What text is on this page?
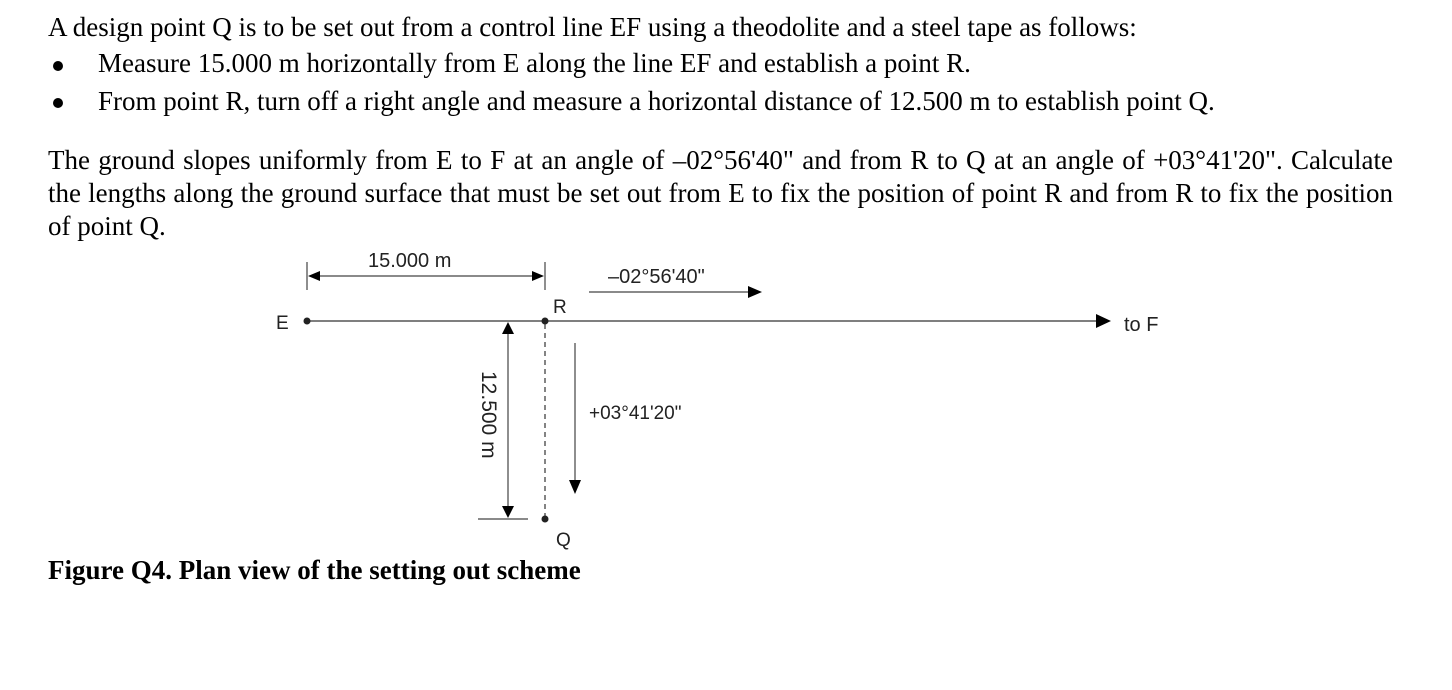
A design point Q is to be set out from a control line EF using a theodolite and a steel tape as follows:
Measure 15.000 m horizontally from E along the line EF and establish a point R.
From point R, turn off a right angle and measure a horizontal distance of 12.500 m to establish point Q.
The ground slopes uniformly from E to F at an angle of –02°56'40" and from R to Q at an angle of +03°41'20". Calculate the lengths along the ground surface that must be set out from E to fix the position of point R and from R to fix the position of point Q.
15.000 m
–02°56'40"
E
R
to F
+03°41'20"
Q
12.500 m
Figure Q4. Plan view of the setting out scheme
